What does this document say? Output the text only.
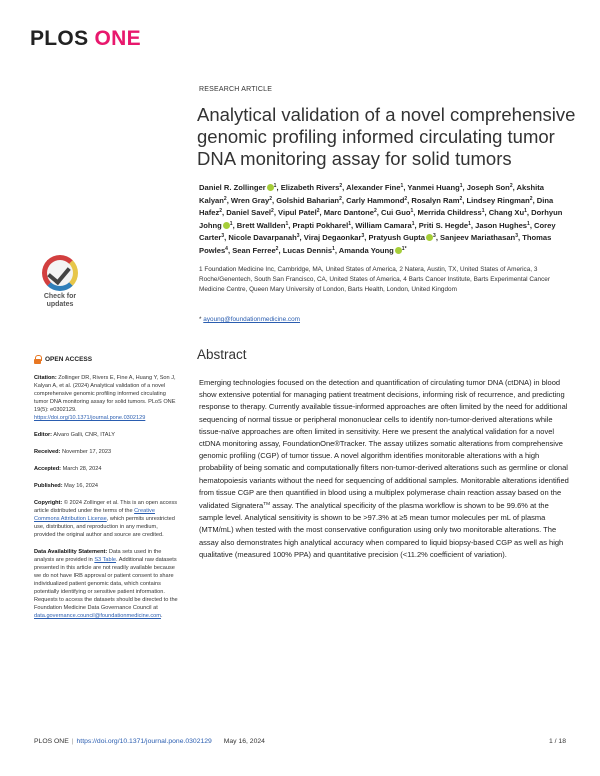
PLOS ONE
RESEARCH ARTICLE
Analytical validation of a novel comprehensive genomic profiling informed circulating tumor DNA monitoring assay for solid tumors
Daniel R. Zollinger $^1$, Elizabeth Rivers$^2$, Alexander Fine$^1$, Yanmei Huang$^1$, Joseph Son$^2$, Akshita Kalyan$^2$, Wren Gray$^2$, Golshid Baharian$^2$, Carly Hammond$^2$, Rosalyn Ram$^2$, Lindsey Ringman$^2$, Dina Hafez$^2$, Daniel Savel$^2$, Vipul Patel$^2$, Marc Dantone$^2$, Cui Guo$^1$, Merrida Childress$^1$, Chang Xu$^1$, Dorhyun Johng $^1$, Brett Wallden$^1$, Prapti Pokharel$^1$, William Camara$^1$, Priti S. Hegde$^1$, Jason Hughes$^1$, Corey Carter$^3$, Nicole Davarpanah$^3$, Viraj Degaonkar$^3$, Pratyush Gupta $^3$, Sanjeev Mariathasan$^3$, Thomas Powles$^4$, Sean Ferree$^2$, Lucas Dennis$^1$, Amanda Young $^{1*}$
1 Foundation Medicine Inc, Cambridge, MA, United States of America, 2 Natera, Austin, TX, United States of America, 3 Roche/Genentech, South San Francisco, CA, United States of America, 4 Barts Cancer Institute, Barts Experimental Cancer Medicine Centre, Queen Mary University of London, Barts Health, London, United Kingdom
* ayoung@foundationmedicine.com
Check for updates
OPEN ACCESS
Citation: Zollinger DR, Rivers E, Fine A, Huang Y, Son J, Kalyan A, et al. (2024) Analytical validation of a novel comprehensive genomic profiling informed circulating tumor DNA monitoring assay for solid tumors. PLoS ONE 19(5): e0302129. https://doi.org/10.1371/journal.pone.0302129
Editor: Alvaro Galli, CNR, ITALY
Received: November 17, 2023
Accepted: March 28, 2024
Published: May 16, 2024
Copyright: © 2024 Zollinger et al. This is an open access article distributed under the terms of the Creative Commons Attribution License, which permits unrestricted use, distribution, and reproduction in any medium, provided the original author and source are credited.
Data Availability Statement: Data sets used in the analysis are provided in S3 Table. Additional raw datasets presented in this article are not readily available because we do not have IRB approval or patient consent to share individualized patient genomic data, which contains potentially identifying or sensitive patient information. Requests to access the datasets should be directed to the Foundation Medicine Data Governance Council at data.governance.council@foundationmedicine.com.
Abstract

Emerging technologies focused on the detection and quantification of circulating tumor DNA (ctDNA) in blood show extensive potential for managing patient treatment decisions, informing risk of recurrence, and predicting response to therapy. Currently available tissue-informed approaches are often limited by the need for additional sequencing of normal tissue or peripheral mononuclear cells to identify non-tumor-derived alterations while tissue-naïve approaches are often limited in sensitivity. Here we present the analytical validation for a novel ctDNA monitoring assay, FoundationOne®Tracker. The assay utilizes somatic alterations from comprehensive genomic profiling (CGP) of tumor tissue. A novel algorithm identifies monitorable alterations with a high probability of being somatic and computationally filters non-tumor-derived alterations such as germline or clonal hematopoiesis variants without the need for sequencing of additional samples. Monitorable alterations identified from tissue CGP are then quantified in blood using a multiplex polymerase chain reaction assay based on the validated Signatera™ assay. The analytical specificity of the plasma workflow is shown to be 99.6% at the sample level. Analytical sensitivity is shown to be >97.3% at ≥5 mean tumor molecules per mL of plasma (MTM/mL) when tested with the most conservative configuration using only two monitorable alterations. The assay also demonstrates high analytical accuracy when compared to liquid biopsy-based CGP as well as high qualitative (measured 100% PPA) and quantitative precision (<11.2% coefficient of variation).

PLOS ONE | https://doi.org/10.1371/journal.pone.0302129 May 16, 2024	1 / 18
